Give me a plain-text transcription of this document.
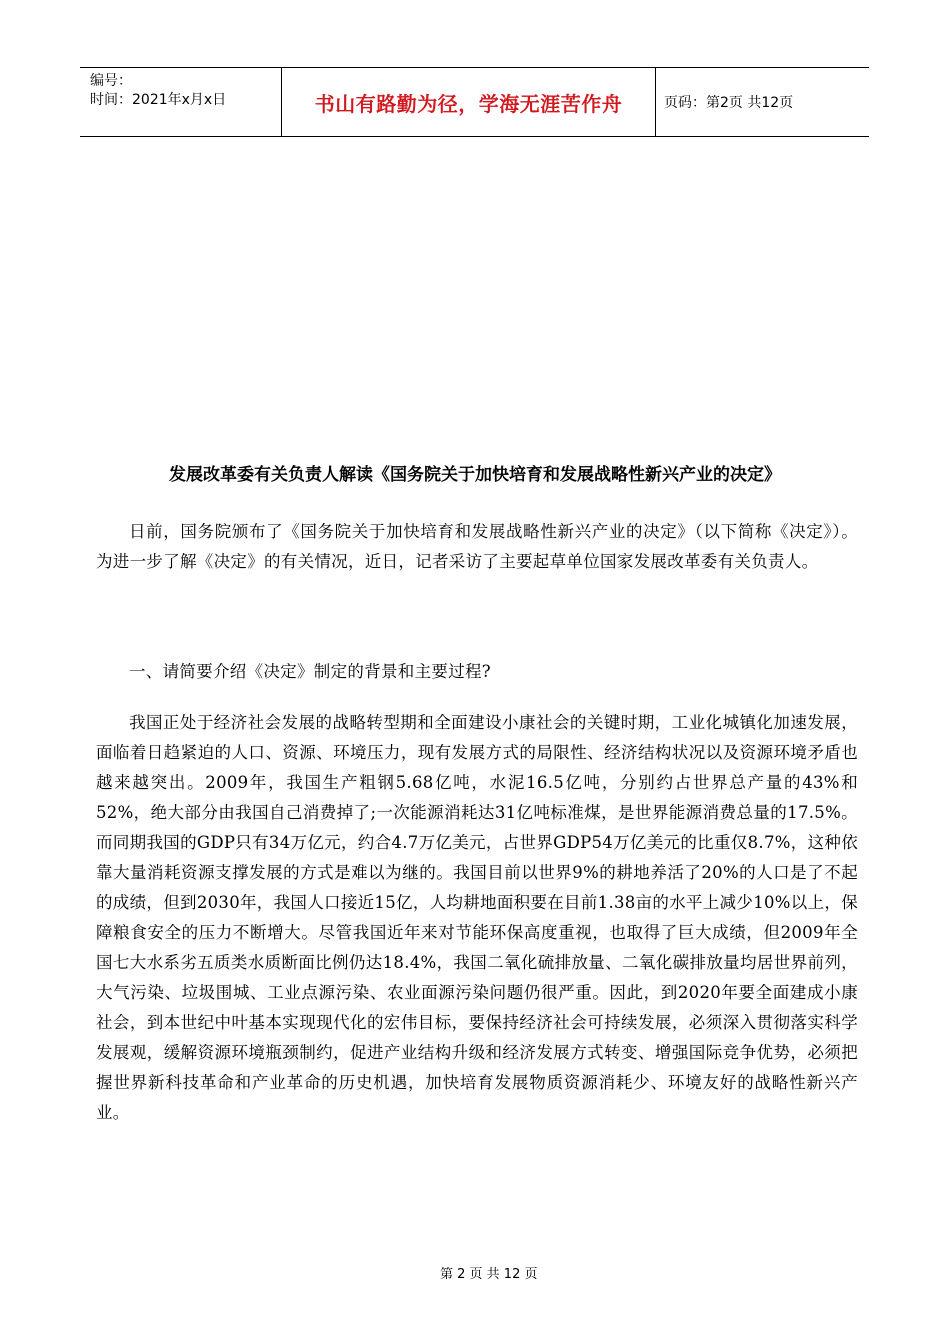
编号：
时间：2021年x月x日	书山有路勤为径，学海无涯苦作舟	页码：第2页 共12页
发展改革委有关负责人解读《国务院关于加快培育和发展战略性新兴产业的决定》

日前，国务院颁布了《国务院关于加快培育和发展战略性新兴产业的决定》（以下简称《决定》）。为进一步了解《决定》的有关情况，近日，记者采访了主要起草单位国家发展改革委有关负责人。

一、请简要介绍《决定》制定的背景和主要过程?

我国正处于经济社会发展的战略转型期和全面建设小康社会的关键时期，工业化城镇化加速发展，面临着日趋紧迫的人口、资源、环境压力，现有发展方式的局限性、经济结构状况以及资源环境矛盾也越来越突出。2009年，我国生产粗钢5.68亿吨，水泥16.5亿吨，分别约占世界总产量的43%和52%，绝大部分由我国自己消费掉了;一次能源消耗达31亿吨标准煤，是世界能源消费总量的17.5%。而同期我国的GDP只有34万亿元，约合4.7万亿美元，占世界GDP54万亿美元的比重仅8.7%，这种依靠大量消耗资源支撑发展的方式是难以为继的。我国目前以世界9%的耕地养活了20%的人口是了不起的成绩，但到2030年，我国人口接近15亿，人均耕地面积要在目前1.38亩的水平上减少10%以上，保障粮食安全的压力不断增大。尽管我国近年来对节能环保高度重视，也取得了巨大成绩，但2009年全国七大水系劣五质类水质断面比例仍达18.4%，我国二氧化硫排放量、二氧化碳排放量均居世界前列，大气污染、垃圾围城、工业点源污染、农业面源污染问题仍很严重。因此，到2020年要全面建成小康社会，到本世纪中叶基本实现现代化的宏伟目标，要保持经济社会可持续发展，必须深入贯彻落实科学发展观，缓解资源环境瓶颈制约，促进产业结构升级和经济发展方式转变、增强国际竞争优势，必须把握世界新科技革命和产业革命的历史机遇，加快培育发展物质资源消耗少、环境友好的战略性新兴产业。

第 2 页 共 12 页
